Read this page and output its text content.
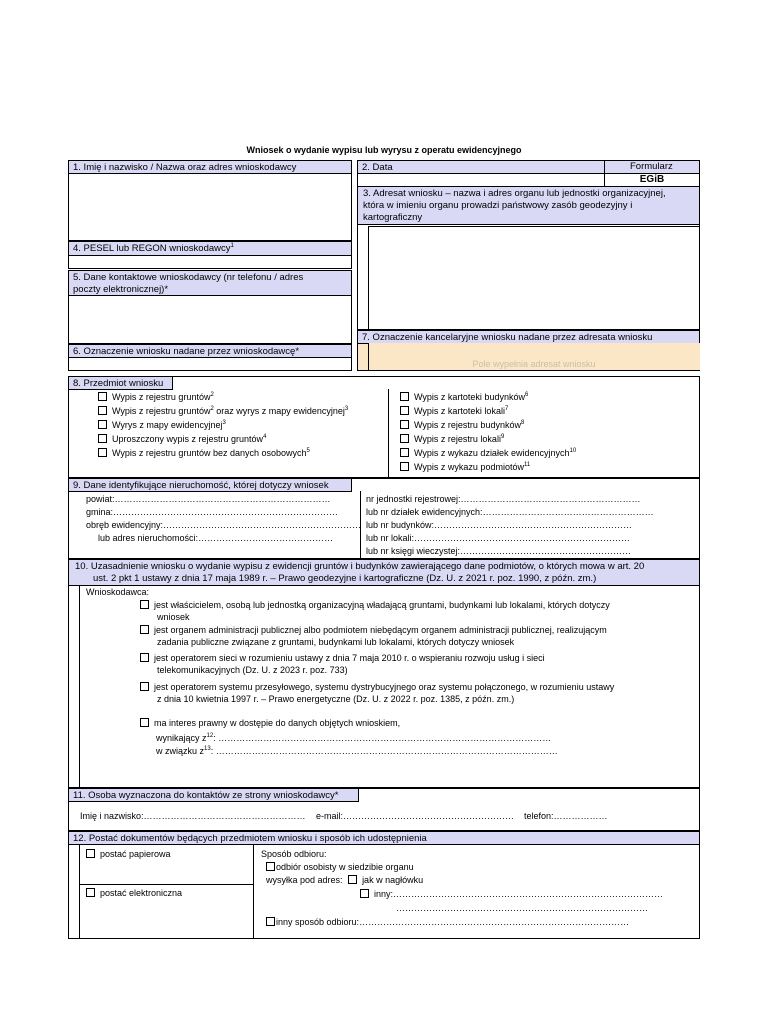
Wniosek o wydanie wypisu lub wyrysu z operatu ewidencyjnego
1. Imię i nazwisko / Nazwa oraz adres wnioskodawcy	2. Data	Formularz
EGiB
3. Adresat wniosku – nazwa i adres organu lub jednostki organizacyjnej, która w imieniu organu prowadzi państwowy zasób geodezyjny i kartograficzny
4. PESEL lub REGON wnioskodawcy$^1$
5. Dane kontaktowe wnioskodawcy (nr telefonu / adres poczty elektronicznej)*
6. Oznaczenie wniosku nadane przez wnioskodawcę*
7. Oznaczenie kancelaryjne wniosku nadane przez adresata wniosku
Pole wypełnia adresat wniosku
8. Przedmiot wniosku
Wypis z rejestru gruntów$^2$
Wypis z rejestru gruntów$^2$ oraz wyrys z mapy ewidencyjnej$^3$
Wyrys z mapy ewidencyjnej$^3$
Uproszczony wypis z rejestru gruntów$^4$
Wypis z rejestru gruntów bez danych osobowych$^5$
Wypis z kartoteki budynków$^6$
Wypis z kartoteki lokali$^7$
Wypis z rejestru budynków$^8$
Wypis z rejestru lokali$^9$
Wypis z wykazu działek ewidencyjnych$^{10}$
Wypis z wykazu podmiotów$^{11}$
9. Dane identyfikujące nieruchomość, której dotyczy wniosek
powiat:………………………………………………………………
gmina:…………………………………………………………………
obręb ewidencyjny:…………………………………………………………
lub adres nieruchomości:………………………………………
nr jednostki rejestrowej:……………………………………………………
lub nr działek ewidencyjnych:…………………………………………………
lub nr budynków:…………………………………………………………
lub nr lokali:………………………………………………………………
lub nr księgi wieczystej:…………………………………………………
10. Uzasadnienie wniosku o wydanie wypisu z ewidencji gruntów i budynków zawierającego dane podmiotów, o których mowa w art. 20
ust. 2 pkt 1 ustawy z dnia 17 maja 1989 r. – Prawo geodezyjne i kartograficzne (Dz. U. z 2021 r. poz. 1990, z późn. zm.)
Wnioskodawca:
jest właścicielem, osobą lub jednostką organizacyjną władającą gruntami, budynkami lub lokalami, których dotyczy
wniosek
jest organem administracji publicznej albo podmiotem niebędącym organem administracji publicznej, realizującym
zadania publiczne związane z gruntami, budynkami lub lokalami, których dotyczy wniosek
jest operatorem sieci w rozumieniu ustawy z dnia 7 maja 2010 r. o wspieraniu rozwoju usług i sieci
telekomunikacyjnych (Dz. U. z 2023 r. poz. 733)
jest operatorem systemu przesyłowego, systemu dystrybucyjnego oraz systemu połączonego, w rozumieniu ustawy
z dnia 10 kwietnia 1997 r. – Prawo energetyczne (Dz. U. z 2022 r. poz. 1385, z późn. zm.)
ma interes prawny w dostępie do danych objętych wnioskiem,
wynikający $z^{12}$: …………………………………………………………………………………………………
w związku $z^{13}$: ……………………………………………………………………………………………………
11. Osoba wyznaczona do kontaktów ze strony wnioskodawcy*
Imię i nazwisko:……………………………………………… e-mail:………………………………………………… telefon:………………
12. Postać dokumentów będących przedmiotem wniosku i sposób ich udostępnienia
postać papierowa
postać elektroniczna
Sposób odbioru:
odbiór osobisty w siedzibie organu
wysyłka pod adres: jak w nagłówku
inny:………………………………………………………………………………
…………………………………………………………………………
inny sposób odbioru:………………………………………………………………………………
